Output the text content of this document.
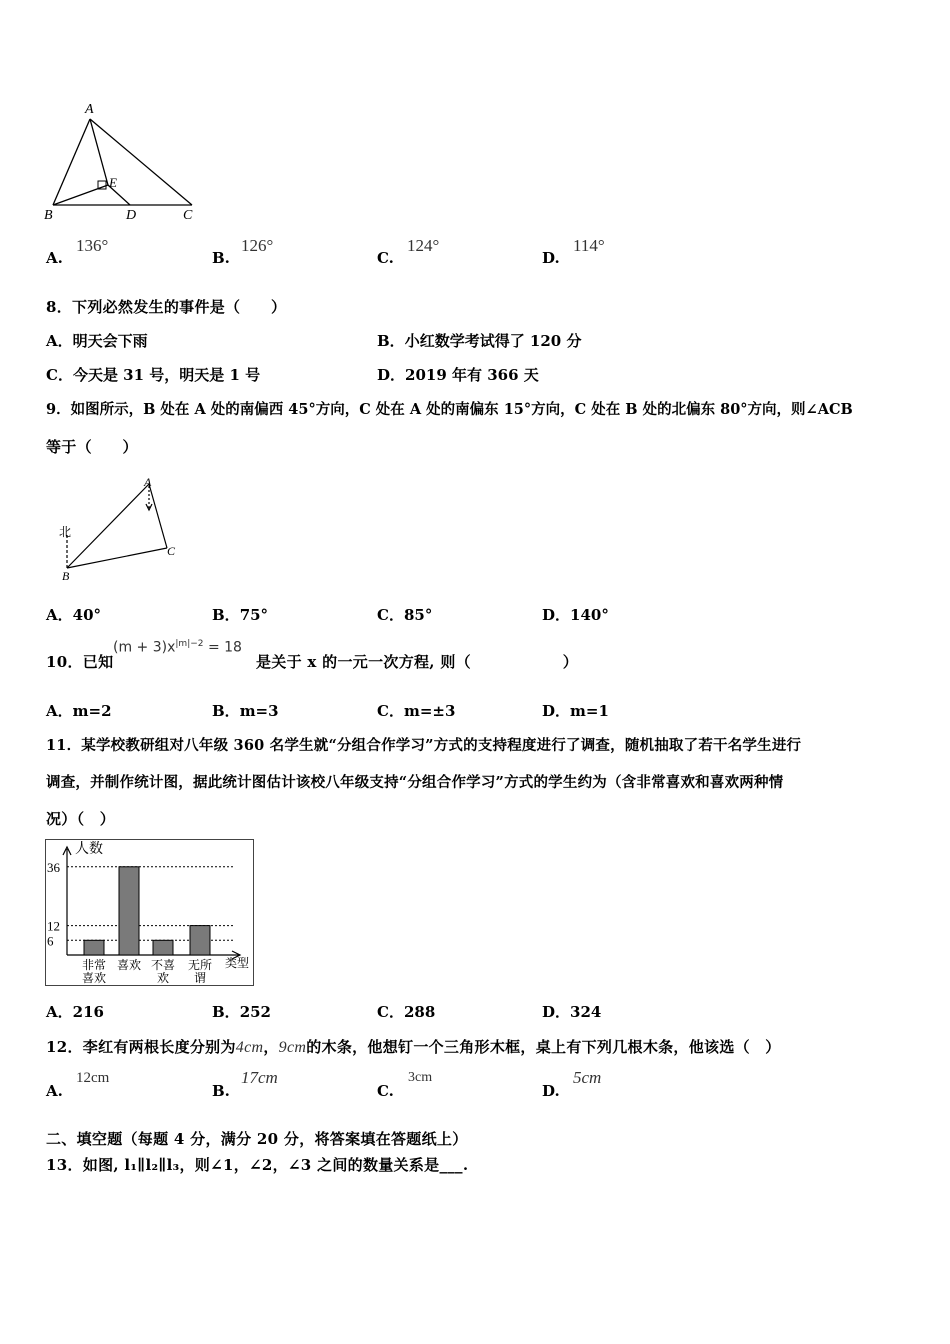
A
B	D	C
E
A.
136°
B.
126°
C.
124°
D.
114°
8．下列必然发生的事件是（　　）
A．明天会下雨	B．小红数学考试得了 120 分
C．今天是 31 号，明天是 1 号	D．2019 年有 366 天
9．如图所示，B 处在 A 处的南偏西 45°方向，C 处在 A 处的南偏东 15°方向，C 处在 B 处的北偏东 80°方向，则∠ACB
等于（　　）
A
B
C
北
A．40°	B．75°	C．85°	D．140°
10．已知
$(m + 3)x^{|m|-2} = 18$
是关于 x 的一元一次方程, 则（　　　　　　）
A．m=2	B．m=3	C．m=±3	D．m=1
11．某学校教研组对八年级 360 名学生就“分组合作学习”方式的支持程度进行了调查，随机抽取了若干名学生进行
调查，并制作统计图，据此统计图估计该校八年级支持“分组合作学习”方式的学生约为（含非常喜欢和喜欢两种情
况）（　）
人数
类型
36
12
6
非常
喜欢
喜欢 不喜
欢
无所
谓
A．216	B．252	C．288	D．324
12．李红有两根长度分别为4cm，9cm的木条，他想钉一个三角形木框，桌上有下列几根木条，他该选（　）
A.
12cm
B.
17cm
C.
3cm
D.
5cm
二、填空题（每题 4 分，满分 20 分，将答案填在答题纸上）
13．如图, l₁∥l₂∥l₃，则∠1，∠2，∠3 之间的数量关系是___.
